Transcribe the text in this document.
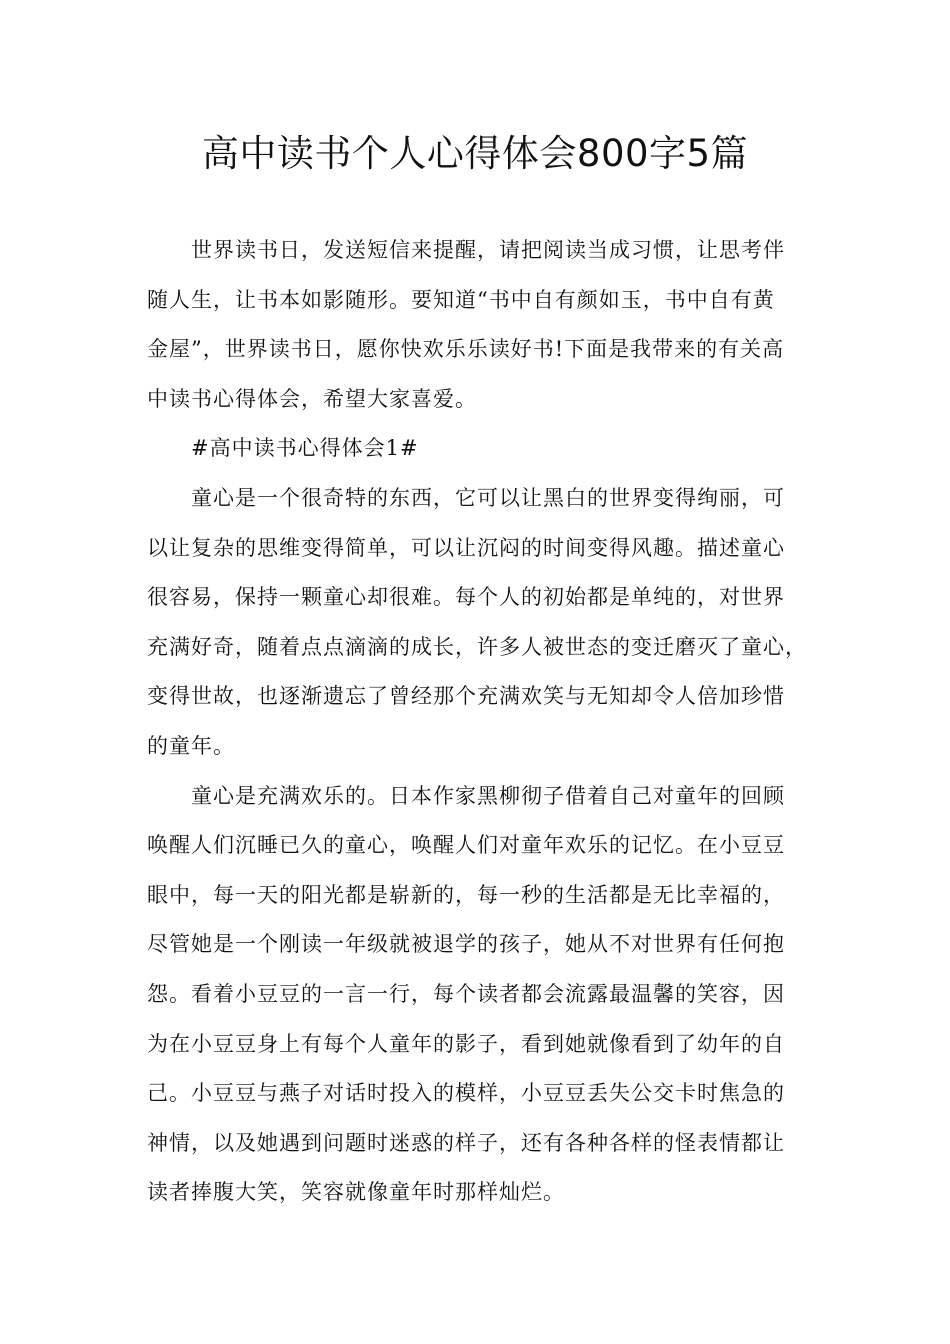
高中读书个人心得体会800字5篇
世界读书日，发送短信来提醒，请把阅读当成习惯，让思考伴
随人生，让书本如影随形。要知道“书中自有颜如玉，书中自有黄
金屋”，世界读书日，愿你快欢乐乐读好书!下面是我带来的有关高
中读书心得体会，希望大家喜爱。
#高中读书心得体会1#
童心是一个很奇特的东西，它可以让黑白的世界变得绚丽，可
以让复杂的思维变得简单，可以让沉闷的时间变得风趣。描述童心
很容易，保持一颗童心却很难。每个人的初始都是单纯的，对世界
充满好奇，随着点点滴滴的成长，许多人被世态的变迁磨灭了童心，
变得世故，也逐渐遗忘了曾经那个充满欢笑与无知却令人倍加珍惜
的童年。
童心是充满欢乐的。日本作家黑柳彻子借着自己对童年的回顾
唤醒人们沉睡已久的童心，唤醒人们对童年欢乐的记忆。在小豆豆
眼中，每一天的阳光都是崭新的，每一秒的生活都是无比幸福的，
尽管她是一个刚读一年级就被退学的孩子，她从不对世界有任何抱
怨。看着小豆豆的一言一行，每个读者都会流露最温馨的笑容，因
为在小豆豆身上有每个人童年的影子，看到她就像看到了幼年的自
己。小豆豆与燕子对话时投入的模样，小豆豆丢失公交卡时焦急的
神情，以及她遇到问题时迷惑的样子，还有各种各样的怪表情都让
读者捧腹大笑，笑容就像童年时那样灿烂。
